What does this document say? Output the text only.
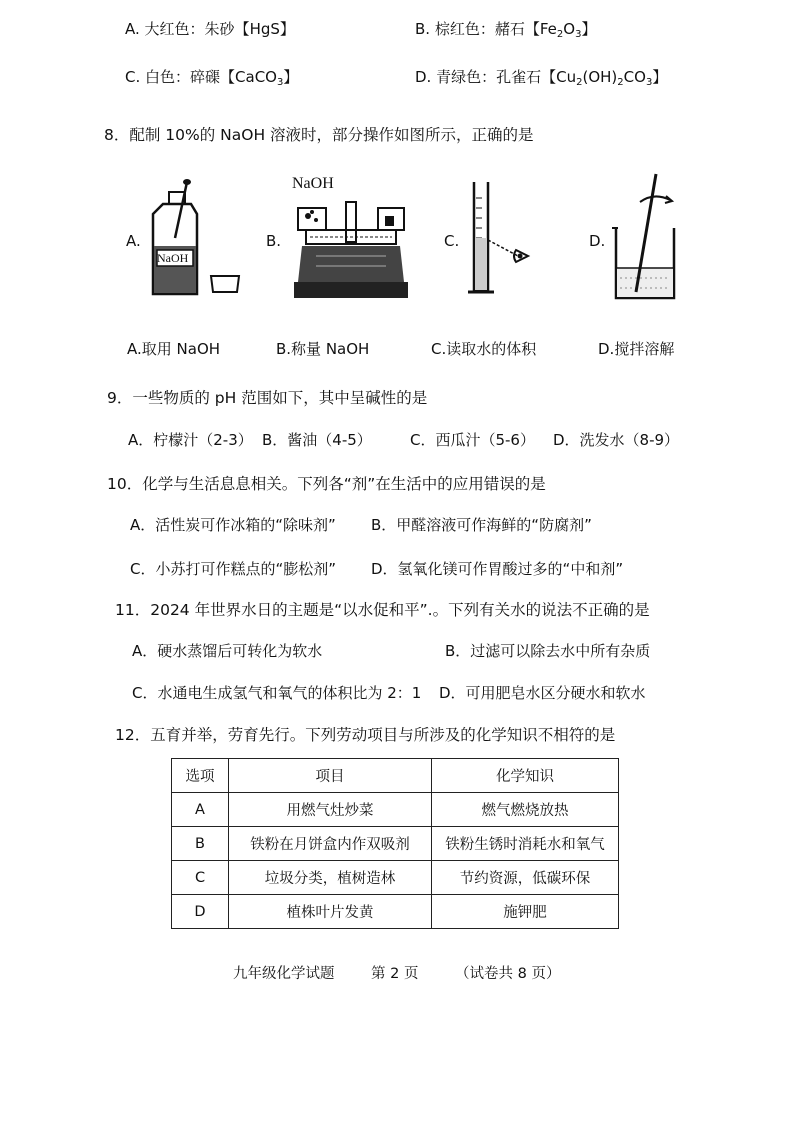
A. 大红色：朱砂【HgS】	B. 棕红色：赭石【$Fe_2O_3$】
C. 白色：碎磲【CaCO$_3$】	D. 青绿色：孔雀石【$Cu_2(OH)_2CO_3$】
8．配制 10%的 NaOH 溶液时，部分操作如图所示，正确的是
A.	B.	C.	D.
NaOH
NaOH
A.取用 NaOH	B.称量 NaOH	C.读取水的体积	D.搅拌溶解
9．一些物质的 pH 范围如下，其中呈碱性的是
A．柠檬汁（2-3） B．酱油（4-5）	C．西瓜汁（5-6） D．洗发水（8-9）
10．化学与生活息息相关。下列各“剂”在生活中的应用错误的是
A．活性炭可作冰箱的“除味剂” B．甲醛溶液可作海鲜的“防腐剂”
C．小苏打可作糕点的“膨松剂” D．氢氧化镁可作胃酸过多的“中和剂”
11．2024 年世界水日的主题是“以水促和平”.。下列有关水的说法不正确的是
A．硬水蒸馏后可转化为软水	B．过滤可以除去水中所有杂质
C．水通电生成氢气和氧气的体积比为 2：1 D．可用肥皂水区分硬水和软水
12．五育并举，劳育先行。下列劳动项目与所涉及的化学知识不相符的是
选项	项目	化学知识
A	用燃气灶炒菜	燃气燃烧放热
B	铁粉在月饼盒内作双吸剂	铁粉生锈时消耗水和氧气
C	垃圾分类，植树造林	节约资源，低碳环保
D	植株叶片发黄	施钾肥
九年级化学试题	第 2 页	（试卷共 8 页）
